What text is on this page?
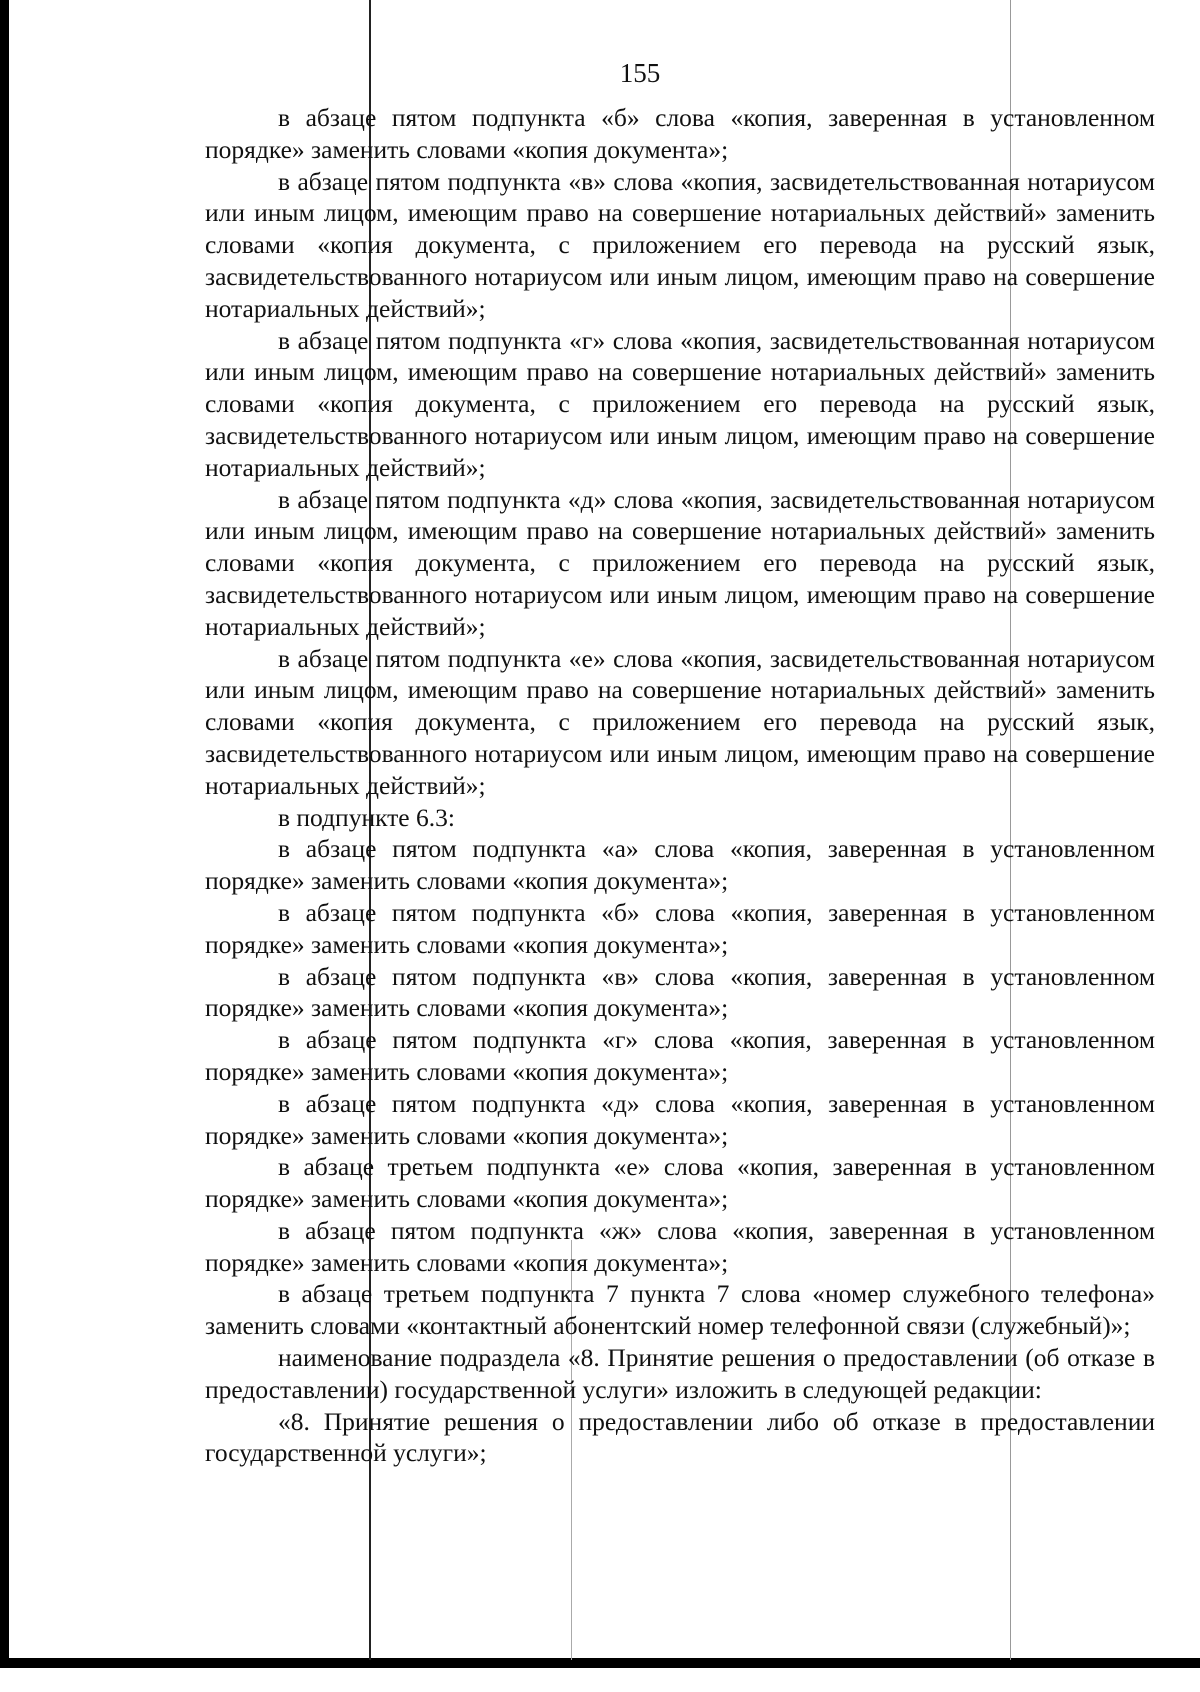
155

в абзаце пятом подпункта «б» слова «копия, заверенная в установленном порядке» заменить словами «копия документа»;

в абзаце пятом подпункта «в» слова «копия, засвидетельствованная нотариусом или иным лицом, имеющим право на совершение нотариальных действий» заменить словами «копия документа, с приложением его перевода на русский язык, засвидетельствованного нотариусом или иным лицом, имеющим право на совершение нотариальных действий»;

в абзаце пятом подпункта «г» слова «копия, засвидетельствованная нотариусом или иным лицом, имеющим право на совершение нотариальных действий» заменить словами «копия документа, с приложением его перевода на русский язык, засвидетельствованного нотариусом или иным лицом, имеющим право на совершение нотариальных действий»;

в абзаце пятом подпункта «д» слова «копия, засвидетельствованная нотариусом или иным лицом, имеющим право на совершение нотариальных действий» заменить словами «копия документа, с приложением его перевода на русский язык, засвидетельствованного нотариусом или иным лицом, имеющим право на совершение нотариальных действий»;

в абзаце пятом подпункта «е» слова «копия, засвидетельствованная нотариусом или иным лицом, имеющим право на совершение нотариальных действий» заменить словами «копия документа, с приложением его перевода на русский язык, засвидетельствованного нотариусом или иным лицом, имеющим право на совершение нотариальных действий»;

в подпункте 6.3:

в абзаце пятом подпункта «а» слова «копия, заверенная в установленном порядке» заменить словами «копия документа»;

в абзаце пятом подпункта «б» слова «копия, заверенная в установленном порядке» заменить словами «копия документа»;

в абзаце пятом подпункта «в» слова «копия, заверенная в установленном порядке» заменить словами «копия документа»;

в абзаце пятом подпункта «г» слова «копия, заверенная в установленном порядке» заменить словами «копия документа»;

в абзаце пятом подпункта «д» слова «копия, заверенная в установленном порядке» заменить словами «копия документа»;

в абзаце третьем подпункта «е» слова «копия, заверенная в установленном порядке» заменить словами «копия документа»;

в абзаце пятом подпункта «ж» слова «копия, заверенная в установленном порядке» заменить словами «копия документа»;

в абзаце третьем подпункта 7 пункта 7 слова «номер служебного телефона» заменить словами «контактный абонентский номер телефонной связи (служебный)»;

наименование подраздела «8. Принятие решения о предоставлении (об отказе в предоставлении) государственной услуги» изложить в следующей редакции:

«8. Принятие решения о предоставлении либо об отказе в предоставлении государственной услуги»;
